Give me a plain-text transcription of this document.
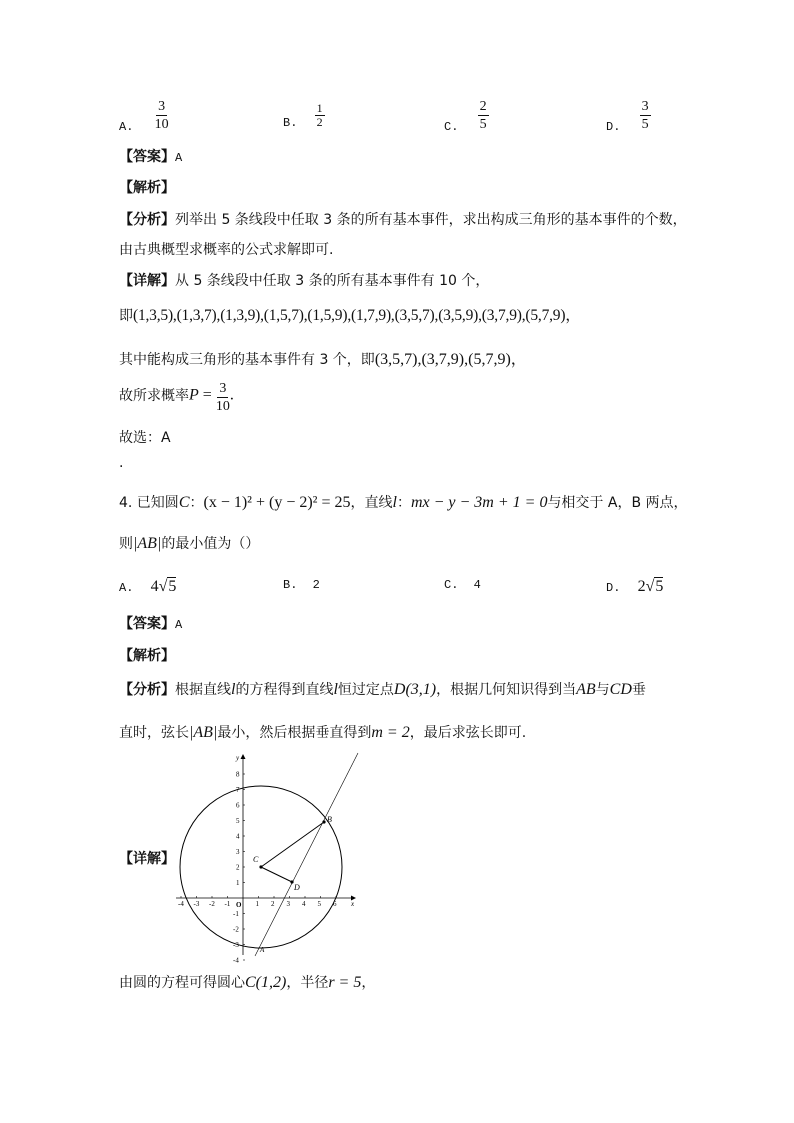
A. $\frac{3}{10}$	B. $\frac{1}{2}$	C. $\frac{2}{5}$	D. $\frac{3}{5}$
【答案】A
【解析】
【分析】列举出 5 条线段中任取 3 条的所有基本事件，求出构成三角形的基本事件的个数，
由古典概型求概率的公式求解即可.
【详解】从 5 条线段中任取 3 条的所有基本事件有 10 个，
即(1,3,5),(1,3,7),(1,3,9),(1,5,7),(1,5,9),(1,7,9),(3,5,7),(3,5,9),(3,7,9),(5,7,9)，
其中能构成三角形的基本事件有 3 个，即(3,5,7),(3,7,9),(5,7,9)，
故所求概率$P = \frac{3}{10}$ .
故选：A
.
4. 已知圆C：(x − 1)² + (y − 2)² = 25，直线l：mx − y − 3m + 1 = 0与相交于 A，B 两点，
则|AB|的最小值为（）
A. 4√5	B. 2	C. 4	D. 2√5
【答案】A
【解析】
【分析】根据直线l的方程得到直线l恒过定点D(3,1)，根据几何知识得到当AB与CD垂
直时，弦长|AB|最小，然后根据垂直得到m = 2，最后求弦长即可.
【详解】
y
x
O
-4 -3 -2 -1	1 2 3 4 5 6
8
7
6
5
4
3
2
1
-1
-2
-3
-4
C
D
B
A
由圆的方程可得圆心C(1,2)，半径r = 5，
